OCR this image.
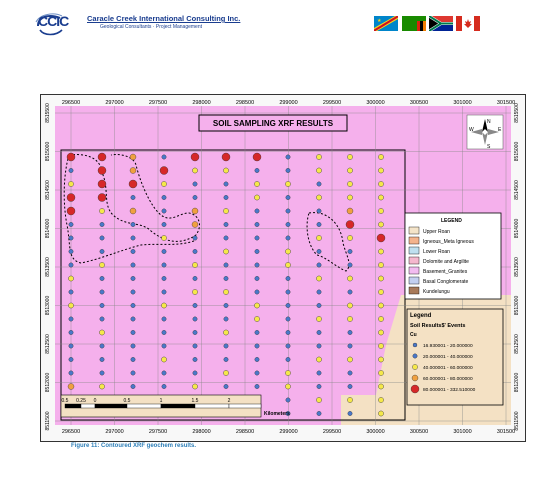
CCIC	Caracle Creek International Consulting Inc.
Geological Consultants · Project Management
★
SOIL SAMPLING XRF RESULTS	N
S
W	E
LEGEND
Upper Roan
Igneous_Meta Igneous
Lower Roan
Dolomite and Argilite
Basement_Granites
Basal Conglomerate
Kundelungu
Legend
Soil Results$' Events
Cu
16.930001 - 20.000000
20.000001 - 40.000000
40.000001 - 60.000000
60.000001 - 80.000000
80.000001 - 332.510000
0.5 0.25 0	0.5	1	1.5	2
Kilometers
296500	297000	297500	298000	298500	299000	299500	300000	300500	301000	301500
296500	297000	297500	298000	298500	299000	299500	300000	300500	301000	301500
8515500
8515000
8514500
8514000
8513500
8513000
8512500
8512000
8511500
8515500
8515000
8514500
8514000
8513500
8513000
8512500
8512000
8511500
Figure 11: Contoured XRF geochem results.
